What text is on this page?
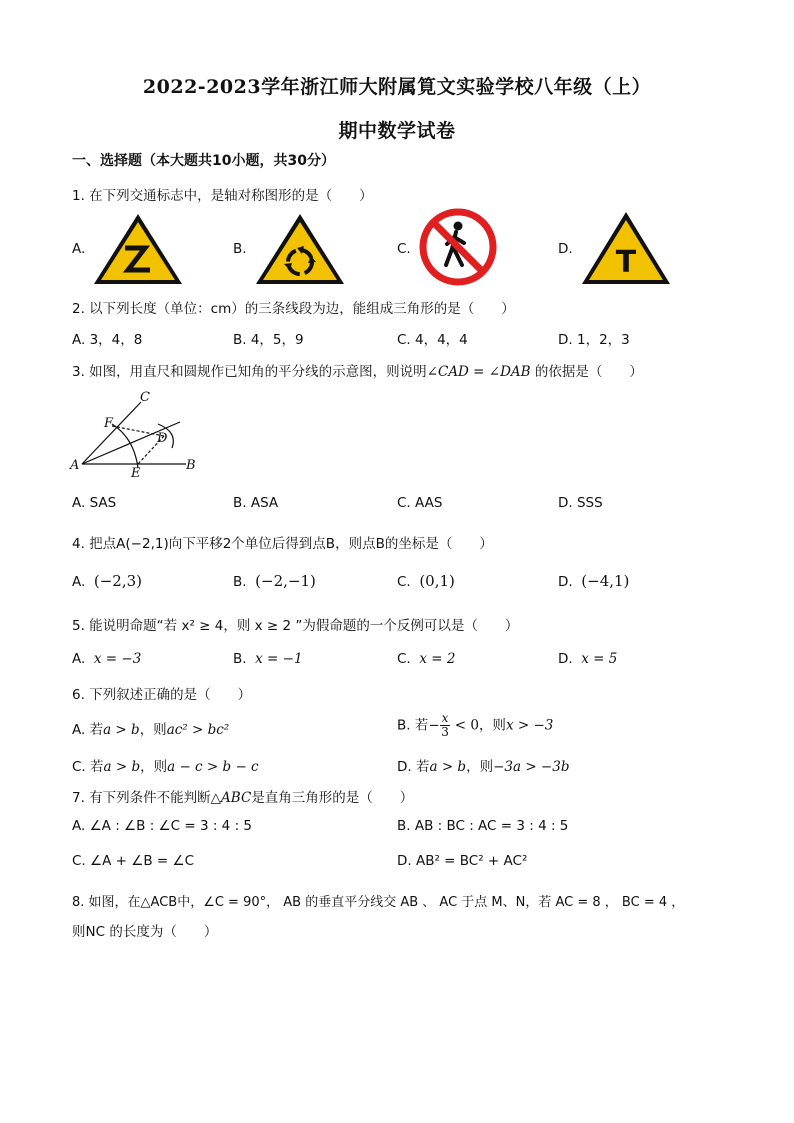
2022-2023学年浙江师大附属筧文实验学校八年级（上）
期中数学试卷
一、选择题（本大题共10小题，共30分）
1. 在下列交通标志中，是轴对称图形的是（　　）
A.	B.	C.	D. T
2. 以下列长度（单位：cm）的三条线段为边，能组成三角形的是（　　）
A. 3，4，8	B. 4，5，9	C. 4，4，4	D. 1，2，3
3. 如图，用直尺和圆规作已知角的平分线的示意图，则说明∠CAD = ∠DAB 的依据是（　　）
A	B
C
D
E
F
A. SAS	B. ASA	C. AAS	D. SSS
4. 把点A(−2,1)向下平移2个单位后得到点B，则点B的坐标是（　　）
A. (−2,3)	B. (−2,−1)	C. (0,1)	D. (−4,1)
5. 能说明命题“若 x² ≥ 4，则 x ≥ 2 ”为假命题的一个反例可以是（　　）
A. x = −3	B. x = −1	C. x = 2	D. x = 5
6. 下列叙述正确的是（　　）
A. 若a > b，则ac² > bc²	B. 若− $\frac{x}{3} < 0$，则x > −3
C. 若a > b，则a − c > b − c	D. 若a > b，则−3a > −3b
7. 有下列条件不能判断△ABC是直角三角形的是（　　）
A. ∠A : ∠B : ∠C = 3 : 4 : 5	B. AB : BC : AC = 3 : 4 : 5
C. ∠A + ∠B = ∠C	D. AB² = BC² + AC²
8. 如图，在△ACB中，∠C = 90°， AB 的垂直平分线交 AB 、 AC 于点 M、N，若 AC = 8 ， BC = 4 ，
则NC 的长度为（　　）
